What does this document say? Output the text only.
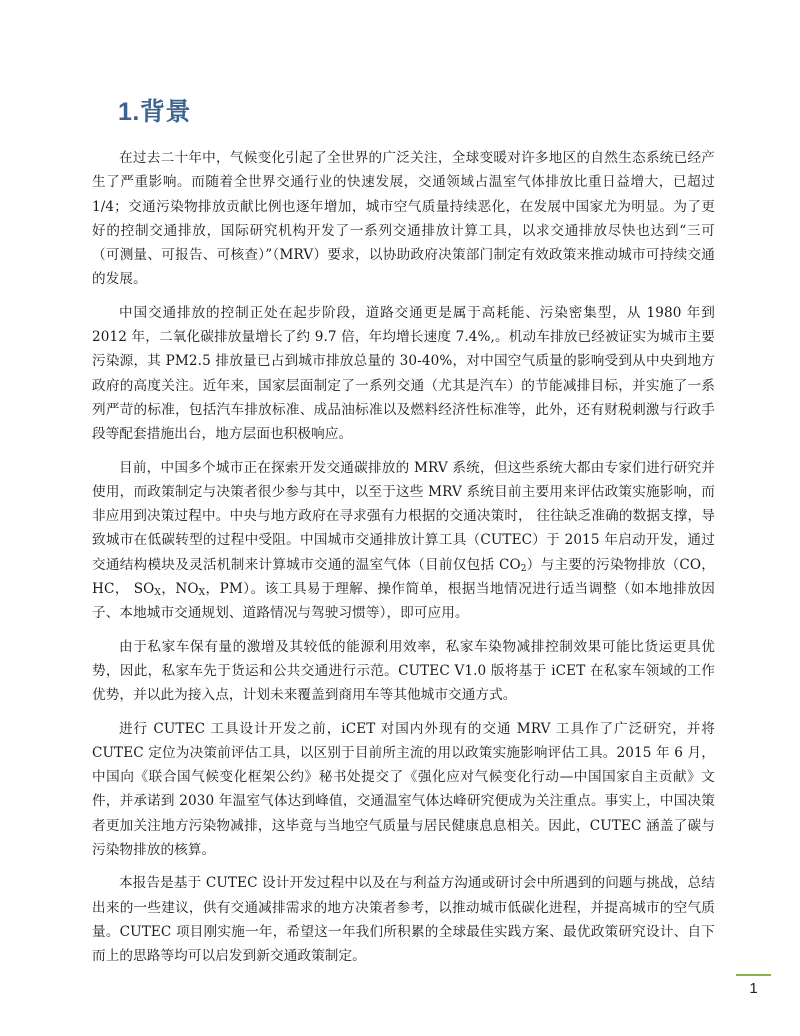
1.背景

在过去二十年中，气候变化引起了全世界的广泛关注，全球变暖对许多地区的自然生态系统已经产生了严重影响。而随着全世界交通行业的快速发展，交通领域占温室气体排放比重日益增大，已超过 1/4；交通污染物排放贡献比例也逐年增加，城市空气质量持续恶化，在发展中国家尤为明显。为了更好的控制交通排放，国际研究机构开发了一系列交通排放计算工具，以求交通排放尽快也达到“三可（可测量、可报告、可核查）”（MRV）要求，以协助政府决策部门制定有效政策来推动城市可持续交通的发展。

中国交通排放的控制正处在起步阶段，道路交通更是属于高耗能、污染密集型，从 1980 年到 2012 年，二氧化碳排放量增长了约 9.7 倍，年均增长速度 7.4%,。机动车排放已经被证实为城市主要污染源，其 PM2.5 排放量已占到城市排放总量的 30-40%，对中国空气质量的影响受到从中央到地方政府的高度关注。近年来，国家层面制定了一系列交通（尤其是汽车）的节能减排目标，并实施了一系列严苛的标准，包括汽车排放标准、成品油标准以及燃料经济性标准等，此外，还有财税刺激与行政手段等配套措施出台，地方层面也积极响应。

目前，中国多个城市正在探索开发交通碳排放的 MRV 系统，但这些系统大都由专家们进行研究并使用，而政策制定与决策者很少参与其中，以至于这些 MRV 系统目前主要用来评估政策实施影响，而非应用到决策过程中。中央与地方政府在寻求强有力根据的交通决策时， 往往缺乏准确的数据支撑，导致城市在低碳转型的过程中受阻。中国城市交通排放计算工具（CUTEC）于 2015 年启动开发，通过交通结构模块及灵活机制来计算城市交通的温室气体（目前仅包括 $CO_2$）与主要的污染物排放（CO，HC， $SO_X$，$NO_X$，PM）。该工具易于理解、操作简单，根据当地情况进行适当调整（如本地排放因子、本地城市交通规划、道路情况与驾驶习惯等），即可应用。

由于私家车保有量的激增及其较低的能源利用效率，私家车染物减排控制效果可能比货运更具优势，因此，私家车先于货运和公共交通进行示范。CUTEC V1.0 版将基于 iCET 在私家车领域的工作优势，并以此为接入点，计划未来覆盖到商用车等其他城市交通方式。

进行 CUTEC 工具设计开发之前，iCET 对国内外现有的交通 MRV 工具作了广泛研究，并将 CUTEC 定位为决策前评估工具，以区别于目前所主流的用以政策实施影响评估工具。2015 年 6 月，中国向《联合国气候变化框架公约》秘书处提交了《强化应对气候变化行动—中国国家自主贡献》文件，并承诺到 2030 年温室气体达到峰值，交通温室气体达峰研究便成为关注重点。事实上，中国决策者更加关注地方污染物减排，这毕竟与当地空气质量与居民健康息息相关。因此，CUTEC 涵盖了碳与污染物排放的核算。

本报告是基于 CUTEC 设计开发过程中以及在与利益方沟通或研讨会中所遇到的问题与挑战，总结出来的一些建议，供有交通减排需求的地方决策者参考，以推动城市低碳化进程，并提高城市的空气质量。CUTEC 项目刚实施一年，希望这一年我们所积累的全球最佳实践方案、最优政策研究设计、自下而上的思路等均可以启发到新交通政策制定。

1
